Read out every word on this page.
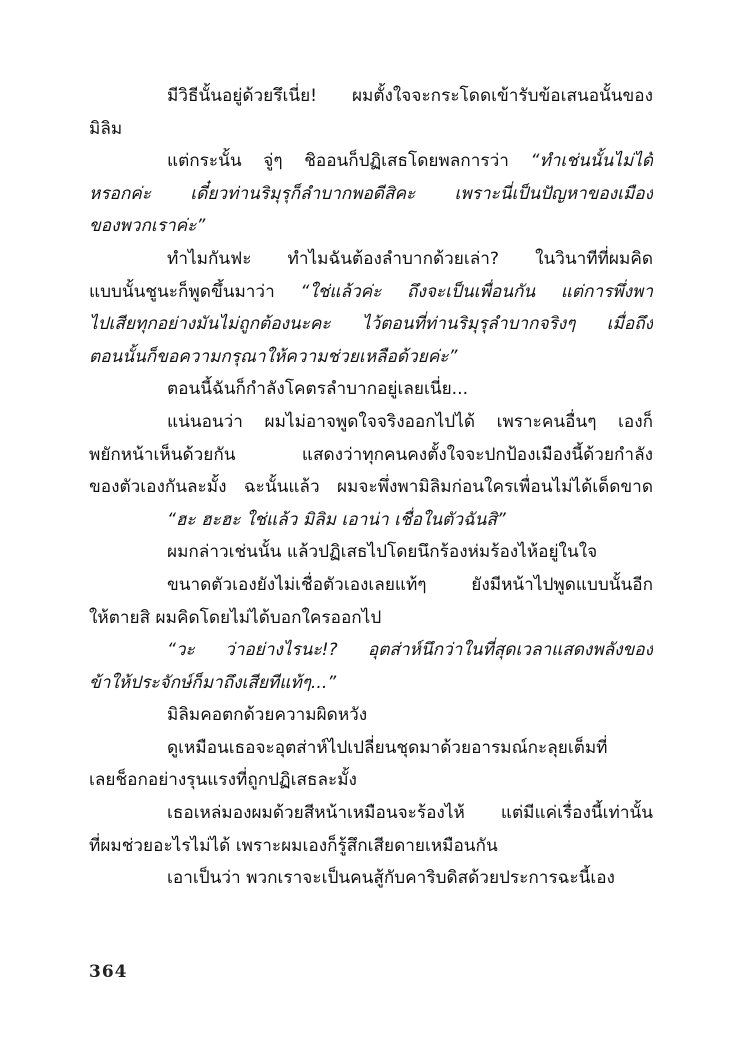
มีวิธีนั้นอยู่ด้วยรึเนี่ย! ผมตั้งใจจะกระโดดเข้ารับข้อเสนอนั้นของ
มิลิม
แต่กระนั้น จู่ๆ ชิออนก็ปฏิเสธโดยพลการว่า “ทำเช่นนั้นไม่ได้
หรอกค่ะ เดี๋ยวท่านริมุรุก็ลำบากพอดีสิคะ เพราะนี่เป็นปัญหาของเมือง
ของพวกเราค่ะ”
ทำไมกันฟะ ทำไมฉันต้องลำบากด้วยเล่า? ในวินาทีที่ผมคิด
แบบนั้นชูนะก็พูดขึ้นมาว่า “ใช่แล้วค่ะ ถึงจะเป็นเพื่อนกัน แต่การพึ่งพา
ไปเสียทุกอย่างมันไม่ถูกต้องนะคะ ไว้ตอนที่ท่านริมุรุลำบากจริงๆ เมื่อถึง
ตอนนั้นก็ขอความกรุณาให้ความช่วยเหลือด้วยค่ะ”
ตอนนี้ฉันก็กำลังโคตรลำบากอยู่เลยเนี่ย...
แน่นอนว่า ผมไม่อาจพูดใจจริงออกไปได้ เพราะคนอื่นๆ เองก็
พยักหน้าเห็นด้วยกัน แสดงว่าทุกคนคงตั้งใจจะปกป้องเมืองนี้ด้วยกำลัง
ของตัวเองกันละมั้ง ฉะนั้นแล้ว ผมจะพึ่งพามิลิมก่อนใครเพื่อนไม่ได้เด็ดขาด
“ฮะ ฮะฮะ ใช่แล้ว มิลิม เอาน่า เชื่อในตัวฉันสิ”
ผมกล่าวเช่นนั้น แล้วปฏิเสธไปโดยนึกร้องห่มร้องไห้อยู่ในใจ
ขนาดตัวเองยังไม่เชื่อตัวเองเลยแท้ๆ ยังมีหน้าไปพูดแบบนั้นอีก
ให้ตายสิ ผมคิดโดยไม่ได้บอกใครออกไป
“วะ ว่าอย่างไรนะ!? อุตส่าห์นึกว่าในที่สุดเวลาแสดงพลังของ
ข้าให้ประจักษ์ก็มาถึงเสียทีแท้ๆ...”
มิลิมคอตกด้วยความผิดหวัง
ดูเหมือนเธอจะอุตส่าห์ไปเปลี่ยนชุดมาด้วยอารมณ์กะลุยเต็มที่
เลยช็อกอย่างรุนแรงที่ถูกปฏิเสธละมั้ง
เธอเหล่มองผมด้วยสีหน้าเหมือนจะร้องไห้ แต่มีแค่เรื่องนี้เท่านั้น
ที่ผมช่วยอะไรไม่ได้ เพราะผมเองก็รู้สึกเสียดายเหมือนกัน
เอาเป็นว่า พวกเราจะเป็นคนสู้กับคาริบดิสด้วยประการฉะนี้เอง
364
